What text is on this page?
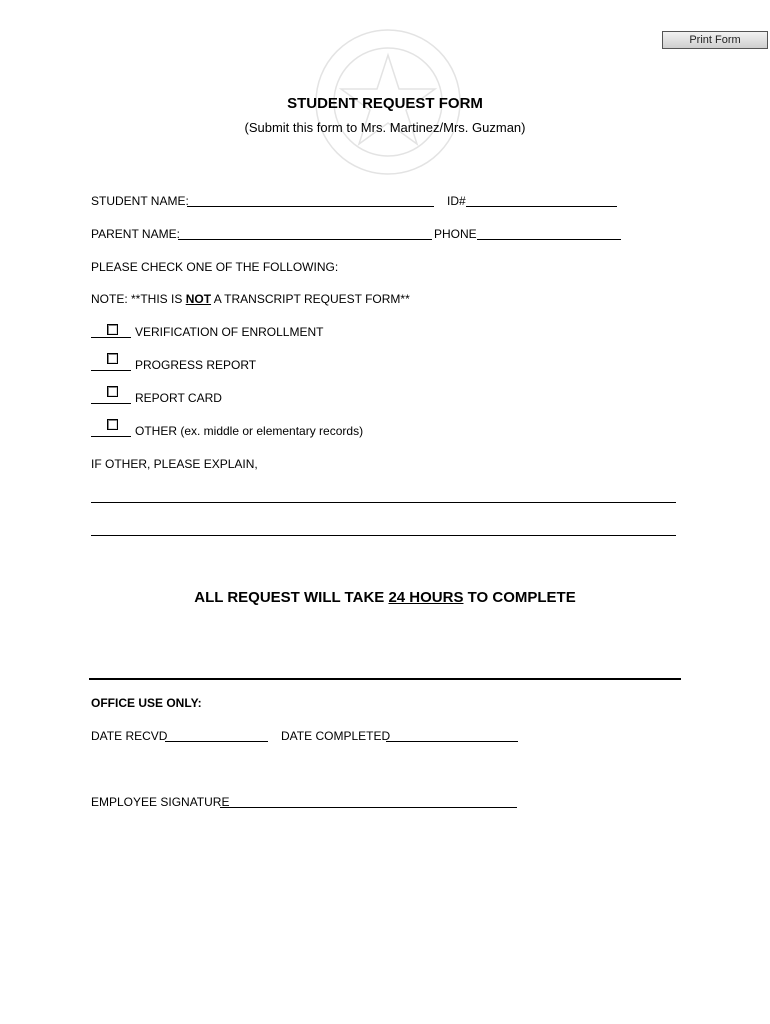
Print Form
STUDENT REQUEST FORM
(Submit this form to Mrs. Martinez/Mrs. Guzman)
STUDENT NAME:	ID#
PARENT NAME:	PHONE
PLEASE CHECK ONE OF THE FOLLOWING:
NOTE: **THIS IS NOT A TRANSCRIPT REQUEST FORM**
VERIFICATION OF ENROLLMENT
PROGRESS REPORT
REPORT CARD
OTHER (ex. middle or elementary records)
IF OTHER, PLEASE EXPLAIN,
ALL REQUEST WILL TAKE 24 HOURS TO COMPLETE
OFFICE USE ONLY:
DATE RECVD	DATE COMPLETED
EMPLOYEE SIGNATURE
